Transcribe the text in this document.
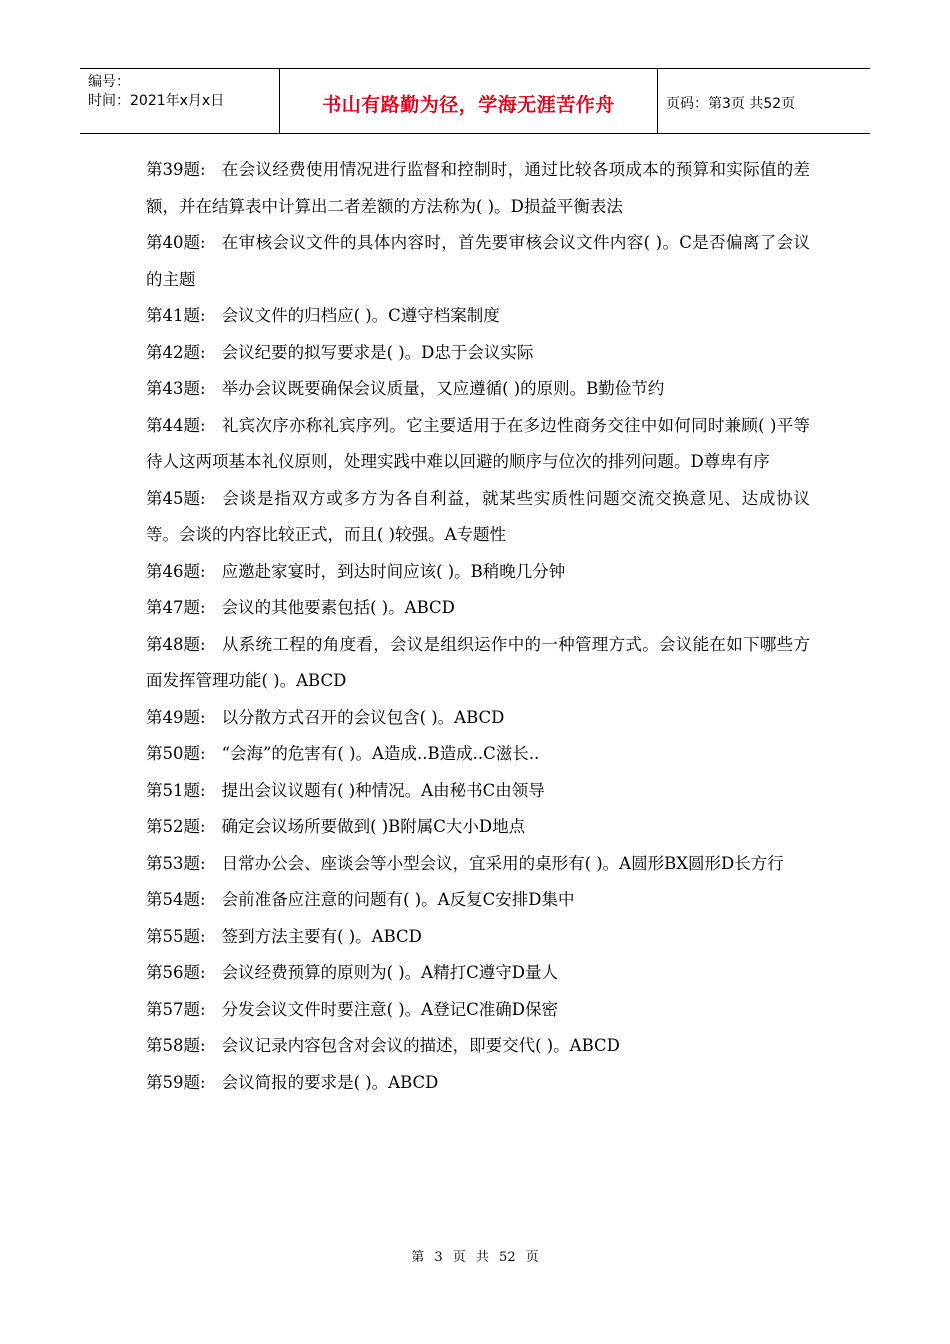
编号：
时间：2021年x月x日	书山有路勤为径，学海无涯苦作舟	页码：第3页 共52页

第39题: 在会议经费使用情况进行监督和控制时，通过比较各项成本的预算和实际值的差额，并在结算表中计算出二者差额的方法称为( )。D损益平衡表法

第40题: 在审核会议文件的具体内容时，首先要审核会议文件内容( )。C是否偏离了会议的主题

第41题: 会议文件的归档应( )。C遵守档案制度

第42题: 会议纪要的拟写要求是( )。D忠于会议实际

第43题: 举办会议既要确保会议质量，又应遵循( )的原则。B勤俭节约

第44题: 礼宾次序亦称礼宾序列。它主要适用于在多边性商务交往中如何同时兼顾( )平等待人这两项基本礼仪原则，处理实践中难以回避的顺序与位次的排列问题。D尊卑有序

第45题: 会谈是指双方或多方为各自利益，就某些实质性问题交流交换意见、达成协议等。会谈的内容比较正式，而且( )较强。A专题性

第46题: 应邀赴家宴时，到达时间应该( )。B稍晚几分钟

第47题: 会议的其他要素包括( )。ABCD

第48题: 从系统工程的角度看，会议是组织运作中的一种管理方式。会议能在如下哪些方面发挥管理功能( )。ABCD

第49题: 以分散方式召开的会议包含( )。ABCD

第50题: “会海”的危害有( )。A造成..B造成..C滋长..

第51题: 提出会议议题有( )种情况。A由秘书C由领导

第52题: 确定会议场所要做到( )B附属C大小D地点

第53题: 日常办公会、座谈会等小型会议，宜采用的桌形有( )。A圆形BX圆形D长方行

第54题: 会前准备应注意的问题有( )。A反复C安排D集中

第55题: 签到方法主要有( )。ABCD

第56题: 会议经费预算的原则为( )。A精打C遵守D量人

第57题: 分发会议文件时要注意( )。A登记C准确D保密

第58题: 会议记录内容包含对会议的描述，即要交代( )。ABCD

第59题: 会议简报的要求是( )。ABCD

第 3 页 共 52 页
